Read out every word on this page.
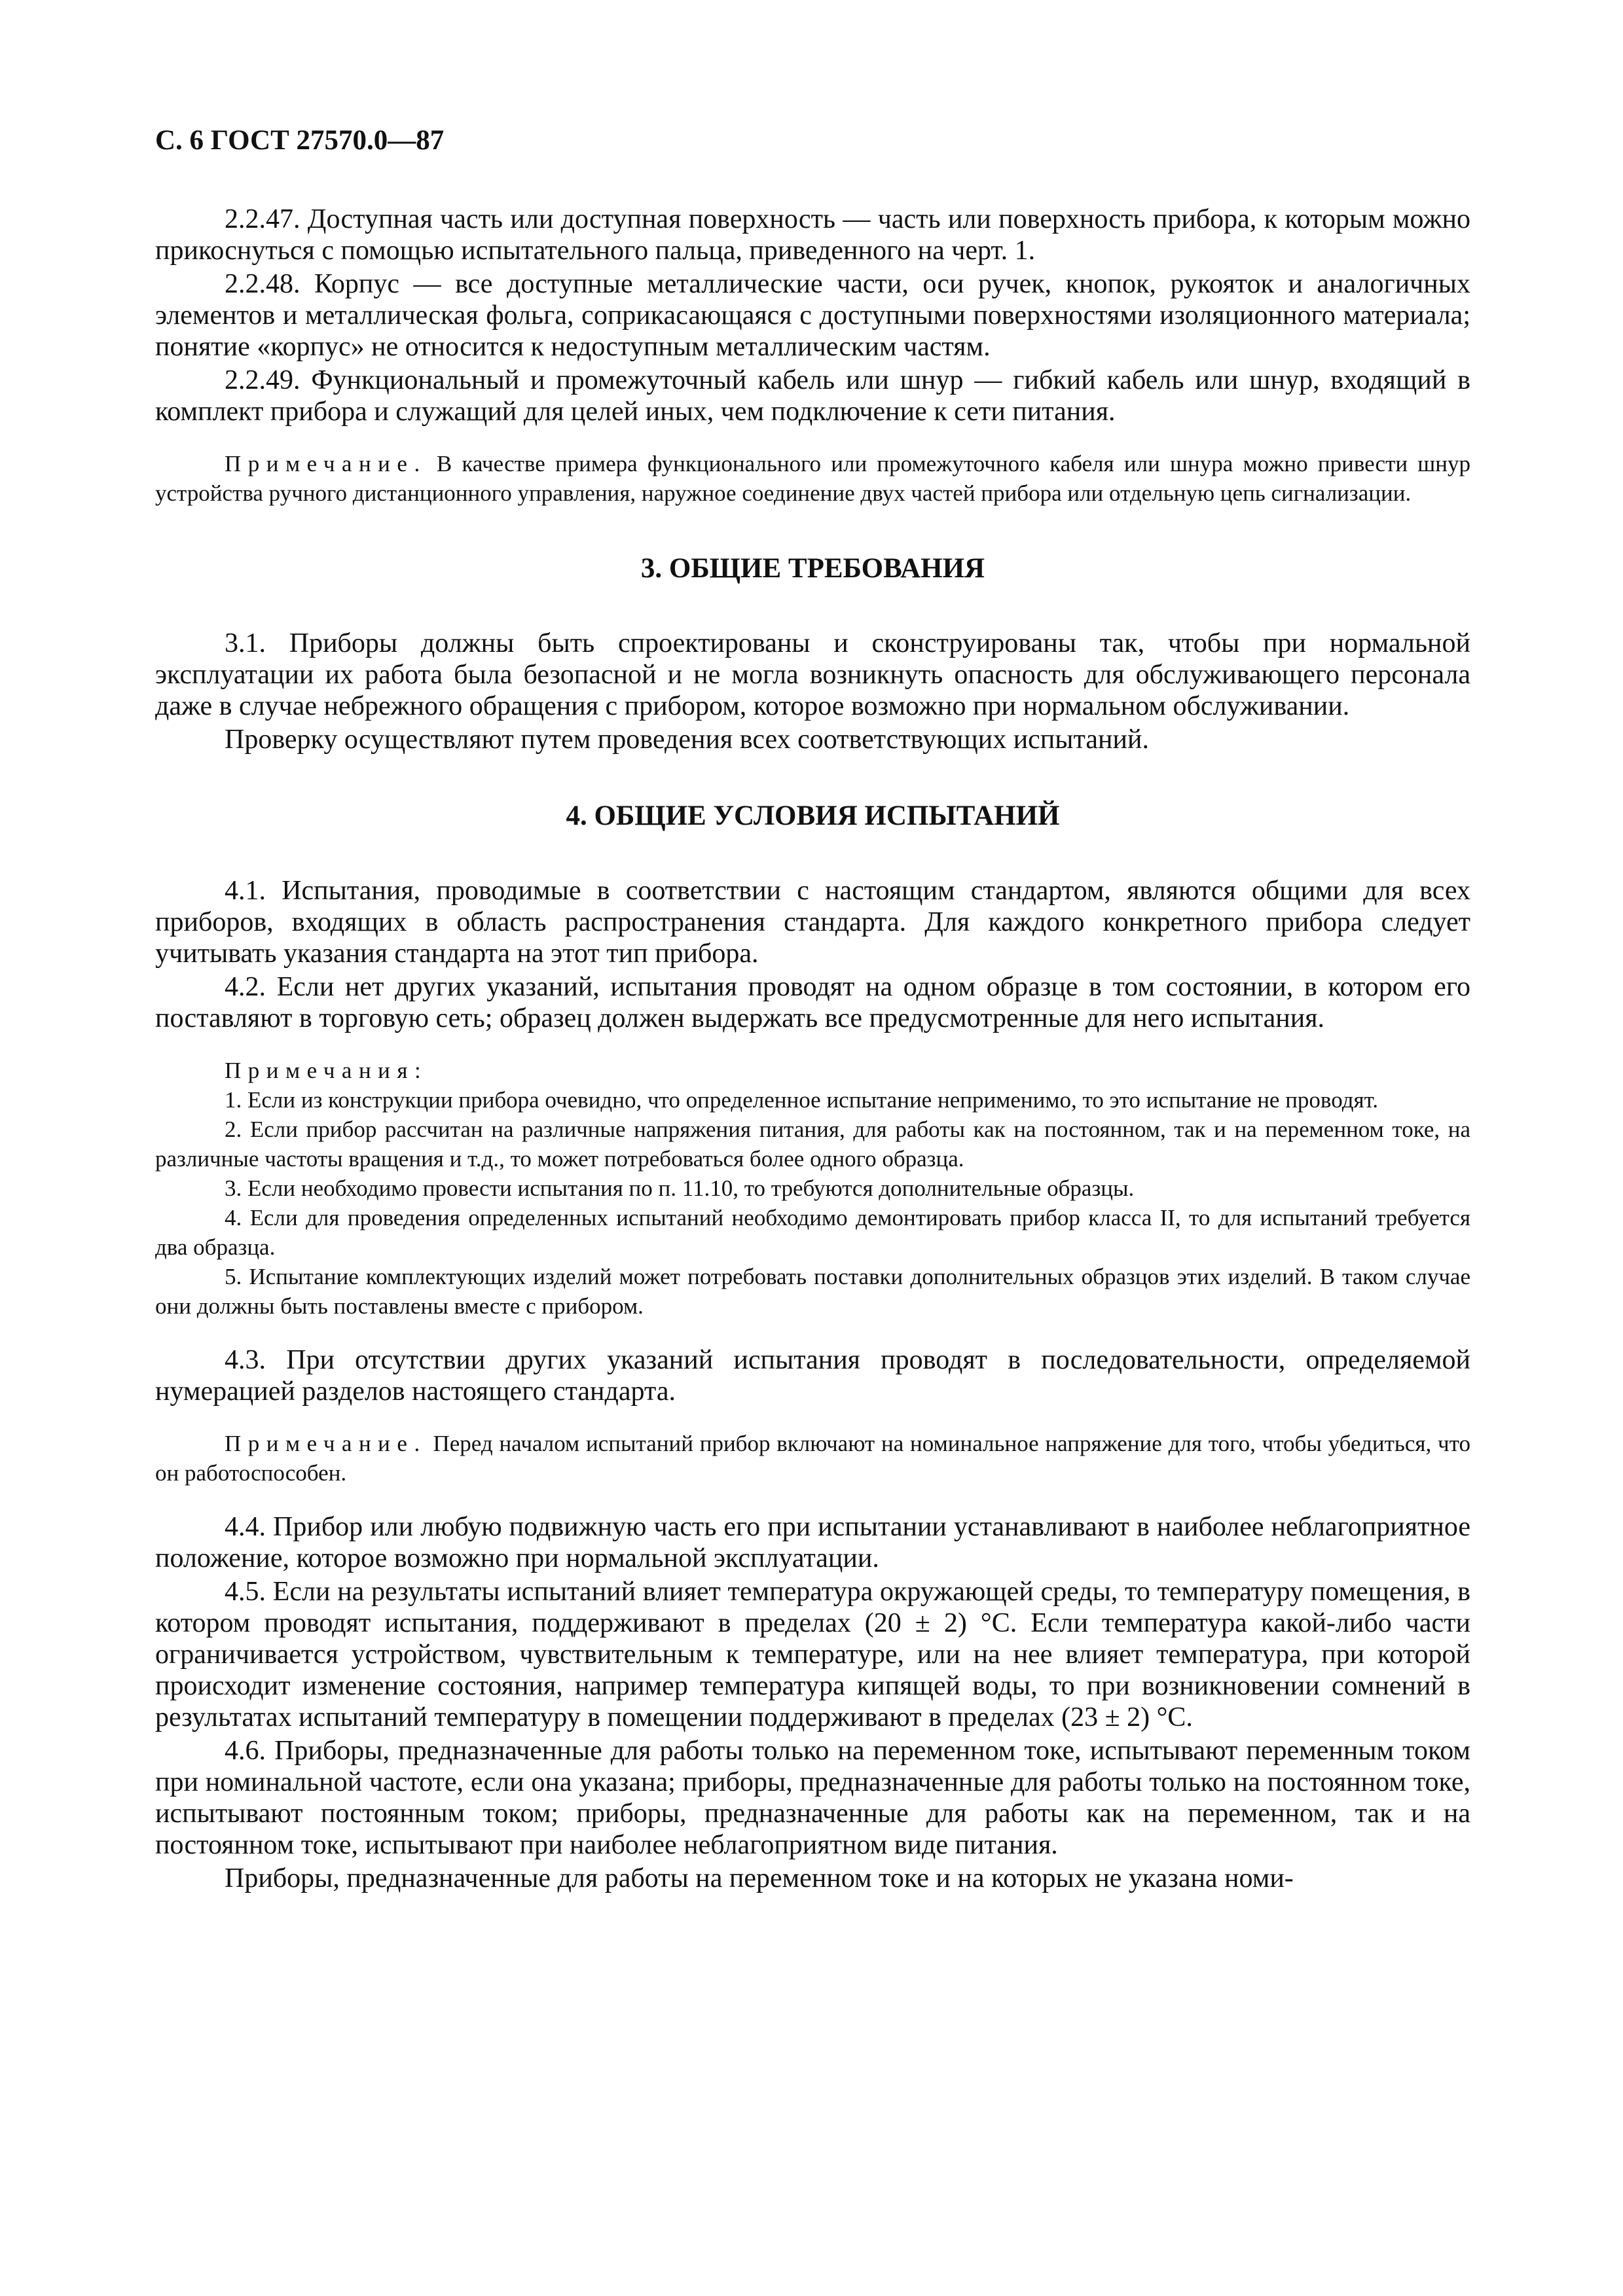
С. 6 ГОСТ 27570.0—87

2.2.47. Доступная часть или доступная поверхность — часть или поверхность прибора, к которым можно прикоснуться с помощью испытательного пальца, приведенного на черт. 1.

2.2.48. Корпус — все доступные металлические части, оси ручек, кнопок, рукояток и аналогичных элементов и металлическая фольга, соприкасающаяся с доступными поверхностями изоляционного материала; понятие «корпус» не относится к недоступным металлическим частям.

2.2.49. Функциональный и промежуточный кабель или шнур — гибкий кабель или шнур, входящий в комплект прибора и служащий для целей иных, чем подключение к сети питания.

Примечание. В качестве примера функционального или промежуточного кабеля или шнура можно привести шнур устройства ручного дистанционного управления, наружное соединение двух частей прибора или отдельную цепь сигнализации.

3. ОБЩИЕ ТРЕБОВАНИЯ

3.1. Приборы должны быть спроектированы и сконструированы так, чтобы при нормальной эксплуатации их работа была безопасной и не могла возникнуть опасность для обслуживающего персонала даже в случае небрежного обращения с прибором, которое возможно при нормальном обслуживании.

Проверку осуществляют путем проведения всех соответствующих испытаний.

4. ОБЩИЕ УСЛОВИЯ ИСПЫТАНИЙ

4.1. Испытания, проводимые в соответствии с настоящим стандартом, являются общими для всех приборов, входящих в область распространения стандарта. Для каждого конкретного прибора следует учитывать указания стандарта на этот тип прибора.

4.2. Если нет других указаний, испытания проводят на одном образце в том состоянии, в котором его поставляют в торговую сеть; образец должен выдержать все предусмотренные для него испытания.

Примечания:

1. Если из конструкции прибора очевидно, что определенное испытание неприменимо, то это испытание не проводят.

2. Если прибор рассчитан на различные напряжения питания, для работы как на постоянном, так и на переменном токе, на различные частоты вращения и т.д., то может потребоваться более одного образца.

3. Если необходимо провести испытания по п. 11.10, то требуются дополнительные образцы.

4. Если для проведения определенных испытаний необходимо демонтировать прибор класса II, то для испытаний требуется два образца.

5. Испытание комплектующих изделий может потребовать поставки дополнительных образцов этих изделий. В таком случае они должны быть поставлены вместе с прибором.

4.3. При отсутствии других указаний испытания проводят в последовательности, определяемой нумерацией разделов настоящего стандарта.

Примечание. Перед началом испытаний прибор включают на номинальное напряжение для того, чтобы убедиться, что он работоспособен.

4.4. Прибор или любую подвижную часть его при испытании устанавливают в наиболее неблагоприятное положение, которое возможно при нормальной эксплуатации.

4.5. Если на результаты испытаний влияет температура окружающей среды, то температуру помещения, в котором проводят испытания, поддерживают в пределах (20 ± 2) °С. Если температура какой-либо части ограничивается устройством, чувствительным к температуре, или на нее влияет температура, при которой происходит изменение состояния, например температура кипящей воды, то при возникновении сомнений в результатах испытаний температуру в помещении поддерживают в пределах (23 ± 2) °С.

4.6. Приборы, предназначенные для работы только на переменном токе, испытывают переменным током при номинальной частоте, если она указана; приборы, предназначенные для работы только на постоянном токе, испытывают постоянным током; приборы, предназначенные для работы как на переменном, так и на постоянном токе, испытывают при наиболее неблагоприятном виде питания.

Приборы, предназначенные для работы на переменном токе и на которых не указана номи-
